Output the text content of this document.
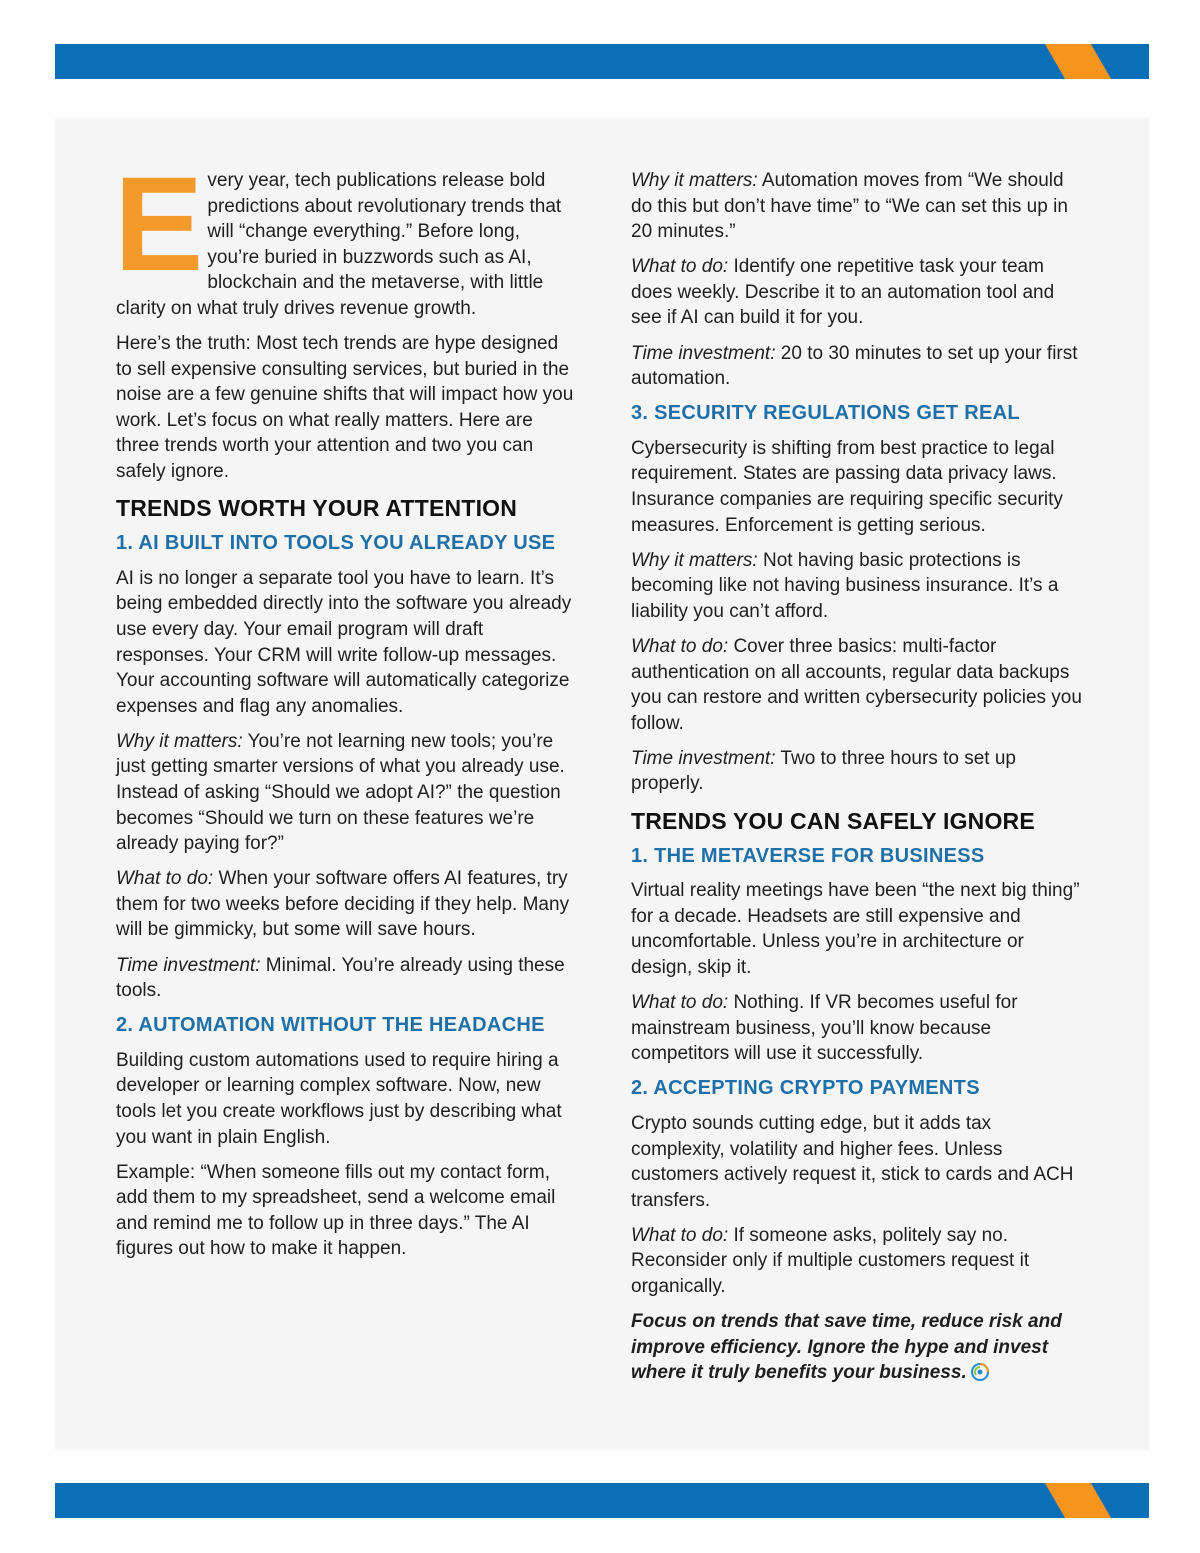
Every year, tech publications release bold predictions about revolutionary trends that will “change everything.” Before long, you’re buried in buzzwords such as AI, blockchain and the metaverse, with little clarity on what truly drives revenue growth.

Here’s the truth: Most tech trends are hype designed to sell expensive consulting services, but buried in the noise are a few genuine shifts that will impact how you work. Let’s focus on what really matters. Here are three trends worth your attention and two you can safely ignore.

TRENDS WORTH YOUR ATTENTION
1. AI BUILT INTO TOOLS YOU ALREADY USE

AI is no longer a separate tool you have to learn. It’s being embedded directly into the software you already use every day. Your email program will draft responses. Your CRM will write follow-up messages. Your accounting software will automatically categorize expenses and flag any anomalies.

Why it matters: You’re not learning new tools; you’re just getting smarter versions of what you already use. Instead of asking “Should we adopt AI?” the question becomes “Should we turn on these features we’re already paying for?”

What to do: When your software offers AI features, try them for two weeks before deciding if they help. Many will be gimmicky, but some will save hours.

Time investment: Minimal. You’re already using these tools.

2. AUTOMATION WITHOUT THE HEADACHE

Building custom automations used to require hiring a developer or learning complex software. Now, new tools let you create workflows just by describing what you want in plain English.

Example: “When someone fills out my contact form, add them to my spreadsheet, send a welcome email and remind me to follow up in three days.” The AI figures out how to make it happen.

Why it matters: Automation moves from “We should do this but don’t have time” to “We can set this up in 20 minutes.”

What to do: Identify one repetitive task your team does weekly. Describe it to an automation tool and see if AI can build it for you.

Time investment: 20 to 30 minutes to set up your first automation.

3. SECURITY REGULATIONS GET REAL

Cybersecurity is shifting from best practice to legal requirement. States are passing data privacy laws. Insurance companies are requiring specific security measures. Enforcement is getting serious.

Why it matters: Not having basic protections is becoming like not having business insurance. It’s a liability you can’t afford.

What to do: Cover three basics: multi-factor authentication on all accounts, regular data backups you can restore and written cybersecurity policies you follow.

Time investment: Two to three hours to set up properly.

TRENDS YOU CAN SAFELY IGNORE
1. THE METAVERSE FOR BUSINESS

Virtual reality meetings have been “the next big thing” for a decade. Headsets are still expensive and uncomfortable. Unless you’re in architecture or design, skip it.

What to do: Nothing. If VR becomes useful for mainstream business, you’ll know because competitors will use it successfully.

2. ACCEPTING CRYPTO PAYMENTS

Crypto sounds cutting edge, but it adds tax complexity, volatility and higher fees. Unless customers actively request it, stick to cards and ACH transfers.

What to do: If someone asks, politely say no. Reconsider only if multiple customers request it organically.

Focus on trends that save time, reduce risk and improve efficiency. Ignore the hype and invest where it truly benefits your business.
